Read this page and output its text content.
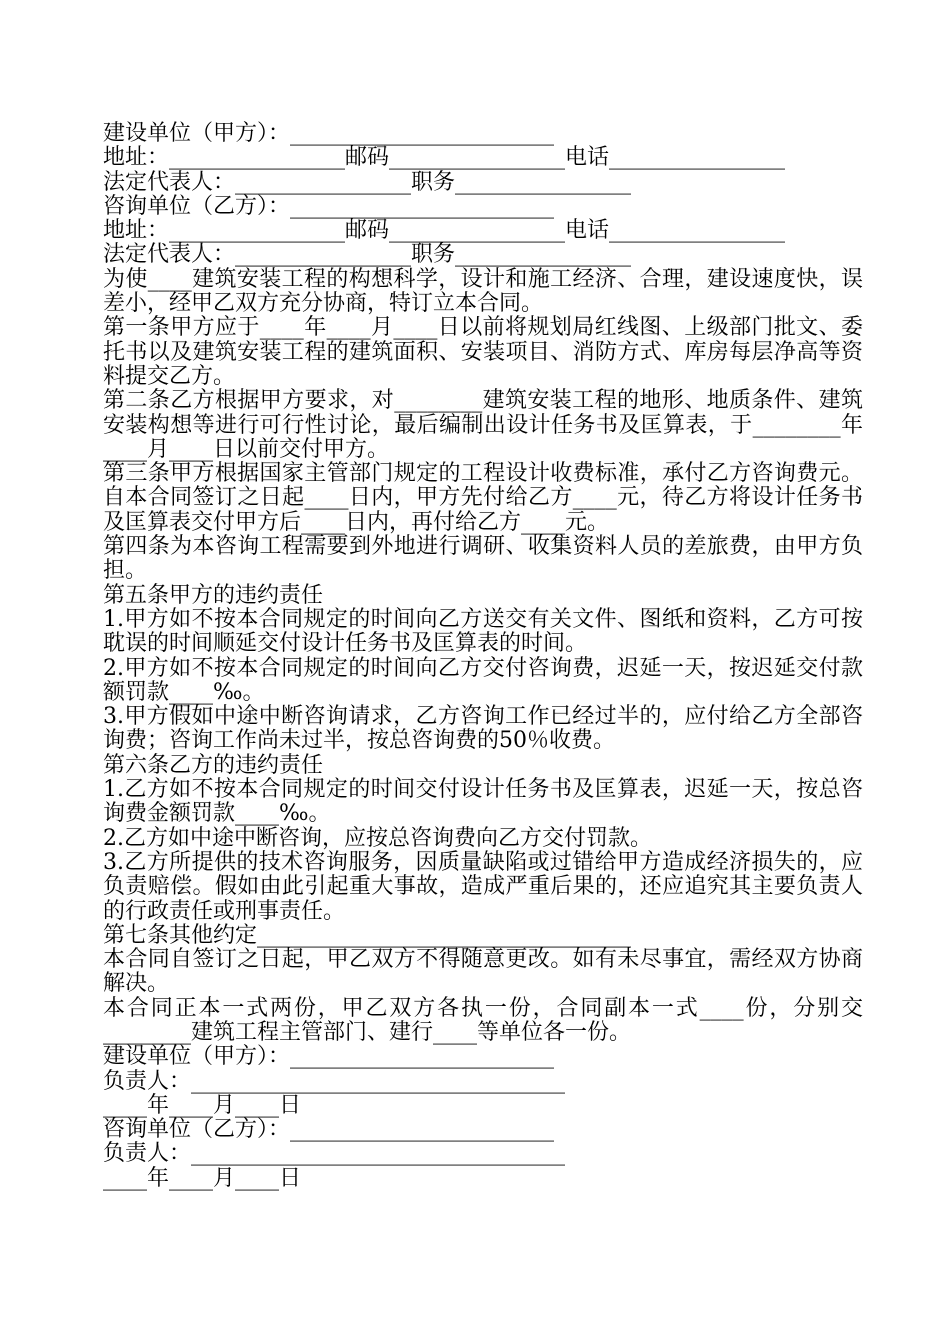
建设单位（甲方）：________________________

地址：________________邮码________________电话________________

法定代表人：________________职务________________

咨询单位（乙方）：________________________

地址：________________邮码________________电话________________

法定代表人：________________职务________________

为使____建筑安装工程的构想科学，设计和施工经济、合理，建设速度快，误差小，经甲乙双方充分协商，特订立本合同。

第一条甲方应于____年____月____日以前将规划局红线图、上级部门批文、委托书以及建筑安装工程的建筑面积、安装项目、消防方式、库房每层净高等资料提交乙方。

第二条乙方根据甲方要求，对________建筑安装工程的地形、地质条件、建筑安装构想等进行可行性讨论，最后编制出设计任务书及匡算表，于________年____月____日以前交付甲方。

第三条甲方根据国家主管部门规定的工程设计收费标准，承付乙方咨询费元。自本合同签订之日起____日内，甲方先付给乙方____元，待乙方将设计任务书及匡算表交付甲方后____日内，再付给乙方____元。

第四条为本咨询工程需要到外地进行调研、收集资料人员的差旅费，由甲方负担。

第五条甲方的违约责任

1.甲方如不按本合同规定的时间向乙方送交有关文件、图纸和资料，乙方可按耽误的时间顺延交付设计任务书及匡算表的时间。

2.甲方如不按本合同规定的时间向乙方交付咨询费，迟延一天，按迟延交付款额罚款____‰。

3.甲方假如中途中断咨询请求，乙方咨询工作已经过半的，应付给乙方全部咨询费；咨询工作尚未过半，按总咨询费的50％收费。

第六条乙方的违约责任

1.乙方如不按本合同规定的时间交付设计任务书及匡算表，迟延一天，按总咨询费金额罚款____‰。

2.乙方如中途中断咨询，应按总咨询费向乙方交付罚款。

3.乙方所提供的技术咨询服务，因质量缺陷或过错给甲方造成经济损失的，应负责赔偿。假如由此引起重大事故，造成严重后果的，还应追究其主要负责人的行政责任或刑事责任。

第七条其他约定__________________________________

本合同自签订之日起，甲乙双方不得随意更改。如有未尽事宜，需经双方协商解决。

本合同正本一式两份，甲乙双方各执一份，合同副本一式____份，分别交________建筑工程主管部门、建行____等单位各一份。

建设单位（甲方）：________________________

负责人：__________________________________

____年____月____日

咨询单位（乙方）：________________________

负责人：__________________________________

____年____月____日
